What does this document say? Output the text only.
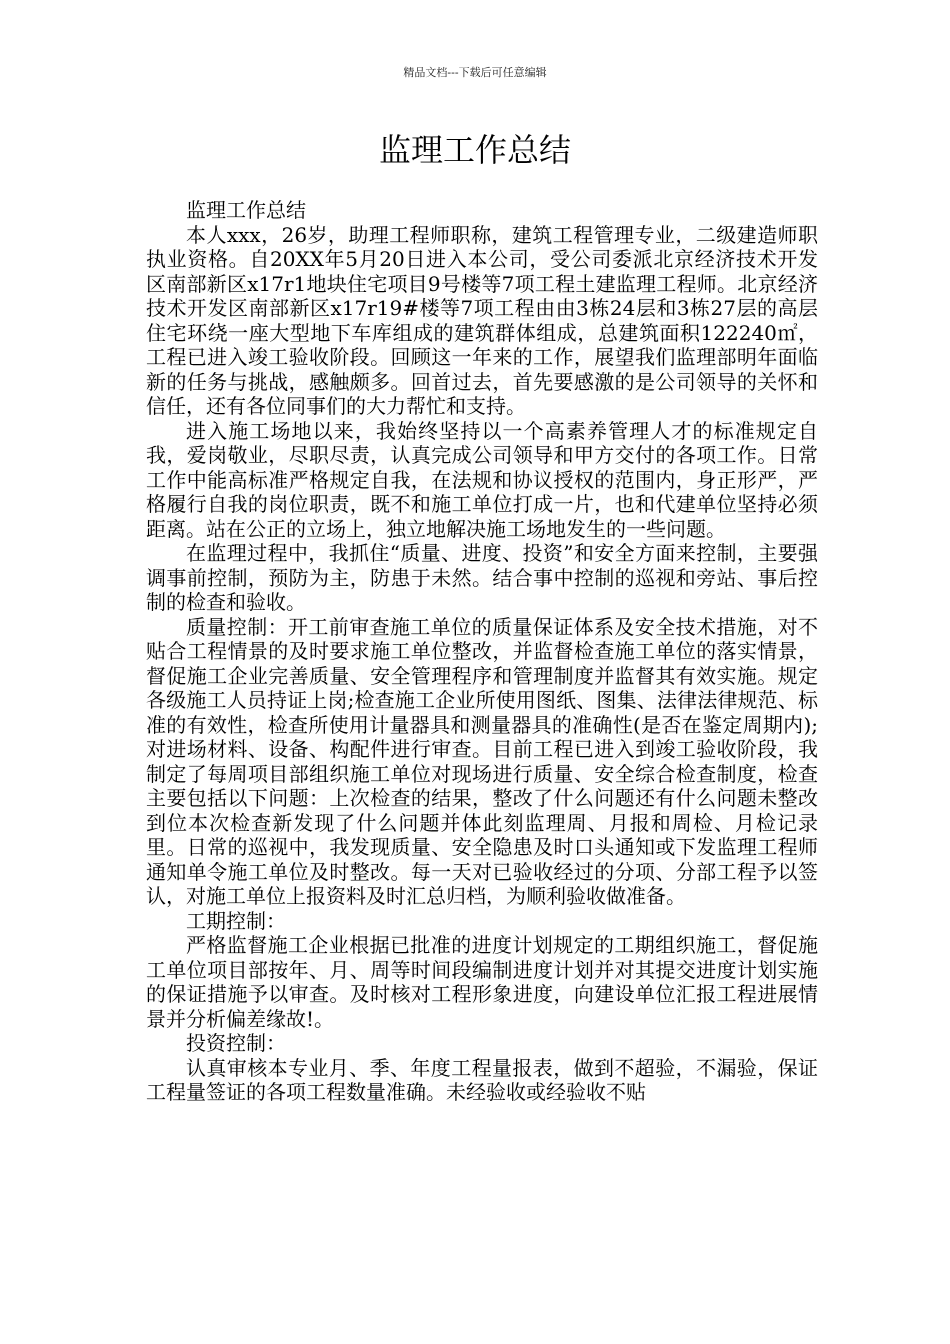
精品文档---下载后可任意编辑
监理工作总结

监理工作总结

本人xxx，26岁，助理工程师职称，建筑工程管理专业，二级建造师职执业资格。自20XX年5月20日进入本公司，受公司委派北京经济技术开发区南部新区x17r1地块住宅项目9号楼等7项工程土建监理工程师。北京经济技术开发区南部新区x17r19#楼等7项工程由由3栋24层和3栋27层的高层住宅环绕一座大型地下车库组成的建筑群体组成，总建筑面积122240㎡，工程已进入竣工验收阶段。回顾这一年来的工作，展望我们监理部明年面临新的任务与挑战，感触颇多。回首过去，首先要感激的是公司领导的关怀和信任，还有各位同事们的大力帮忙和支持。

进入施工场地以来，我始终坚持以一个高素养管理人才的标准规定自我，爱岗敬业，尽职尽责，认真完成公司领导和甲方交付的各项工作。日常工作中能高标准严格规定自我，在法规和协议授权的范围内，身正形严，严格履行自我的岗位职责，既不和施工单位打成一片，也和代建单位坚持必须距离。站在公正的立场上，独立地解决施工场地发生的一些问题。

在监理过程中，我抓住“质量、进度、投资”和安全方面来控制，主要强调事前控制，预防为主，防患于未然。结合事中控制的巡视和旁站、事后控制的检查和验收。

质量控制：开工前审查施工单位的质量保证体系及安全技术措施，对不贴合工程情景的及时要求施工单位整改，并监督检查施工单位的落实情景，督促施工企业完善质量、安全管理程序和管理制度并监督其有效实施。规定各级施工人员持证上岗;检查施工企业所使用图纸、图集、法律法律规范、标准的有效性，检查所使用计量器具和测量器具的准确性(是否在鉴定周期内);对进场材料、设备、构配件进行审查。目前工程已进入到竣工验收阶段，我制定了每周项目部组织施工单位对现场进行质量、安全综合检查制度，检查主要包括以下问题：上次检查的结果，整改了什么问题还有什么问题未整改到位本次检查新发现了什么问题并体此刻监理周、月报和周检、月检记录里。日常的巡视中，我发现质量、安全隐患及时口头通知或下发监理工程师通知单令施工单位及时整改。每一天对已验收经过的分项、分部工程予以签认，对施工单位上报资料及时汇总归档，为顺利验收做准备。

工期控制：

严格监督施工企业根据已批准的进度计划规定的工期组织施工，督促施工单位项目部按年、月、周等时间段编制进度计划并对其提交进度计划实施的保证措施予以审查。及时核对工程形象进度，向建设单位汇报工程进展情景并分析偏差缘故!。

投资控制：

认真审核本专业月、季、年度工程量报表，做到不超验，不漏验，保证工程量签证的各项工程数量准确。未经验收或经验收不贴
